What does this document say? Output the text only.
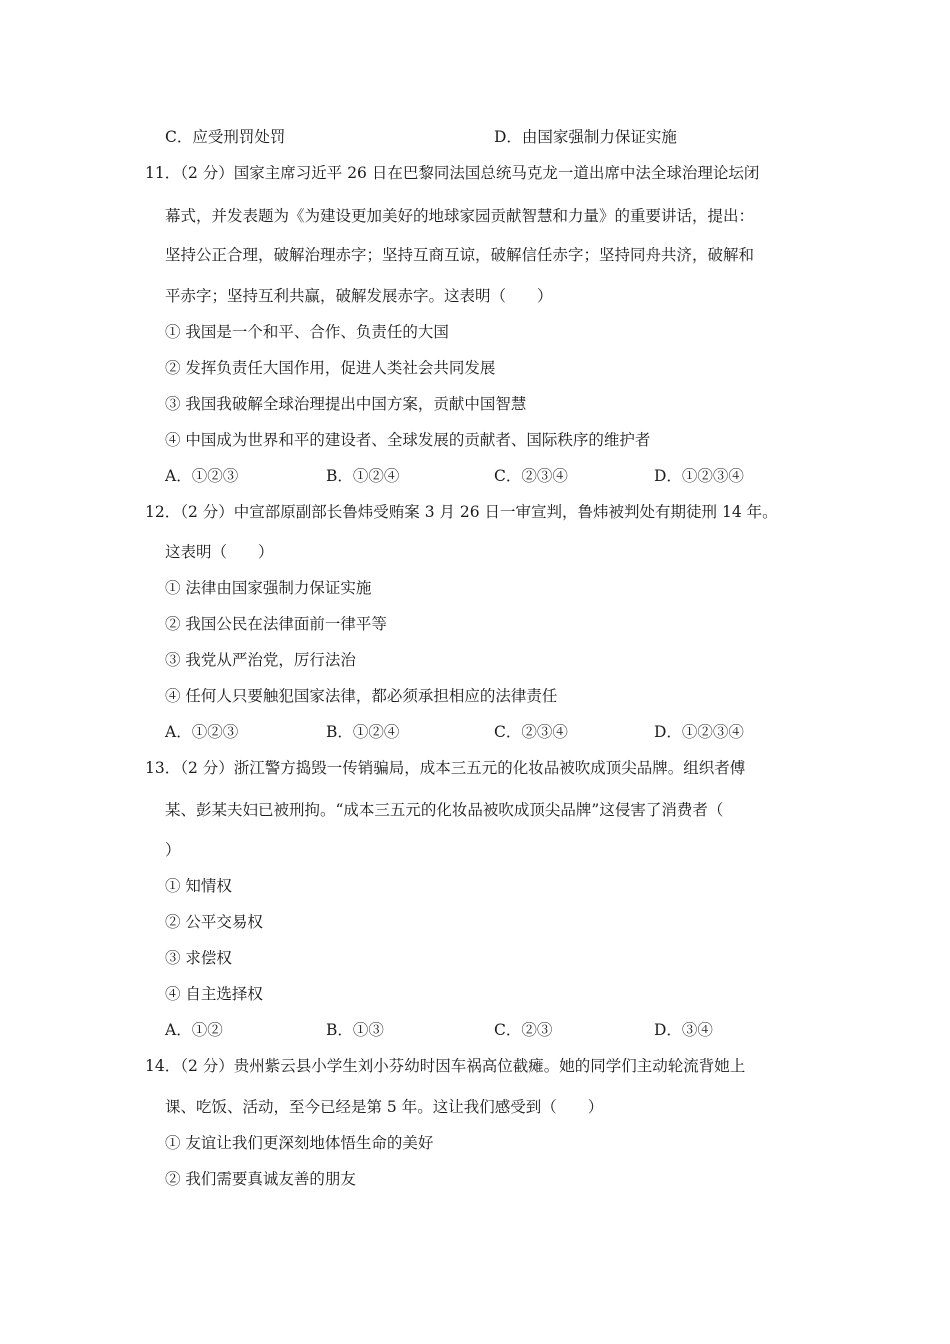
C．应受刑罚处罚	D．由国家强制力保证实施
11．（2 分）国家主席习近平 26 日在巴黎同法国总统马克龙一道出席中法全球治理论坛闭
幕式，并发表题为《为建设更加美好的地球家园贡献智慧和力量》的重要讲话，提出：
坚持公正合理，破解治理赤字；坚持互商互谅，破解信任赤字；坚持同舟共济，破解和
平赤字；坚持互利共赢，破解发展赤字。这表明（　　）
① 我国是一个和平、合作、负责任的大国
② 发挥负责任大国作用，促进人类社会共同发展
③ 我国我破解全球治理提出中国方案，贡献中国智慧
④ 中国成为世界和平的建设者、全球发展的贡献者、国际秩序的维护者
A．①②③	B．①②④	C．②③④	D．①②③④
12．（2 分）中宣部原副部长鲁炜受贿案 3 月 26 日一审宣判，鲁炜被判处有期徒刑 14 年。
这表明（　　）
① 法律由国家强制力保证实施
② 我国公民在法律面前一律平等
③ 我党从严治党，厉行法治
④ 任何人只要触犯国家法律，都必须承担相应的法律责任
A．①②③	B．①②④	C．②③④	D．①②③④
13．（2 分）浙江警方捣毁一传销骗局，成本三五元的化妆品被吹成顶尖品牌。组织者傅
某、彭某夫妇已被刑拘。“成本三五元的化妆品被吹成顶尖品牌”这侵害了消费者（
）
① 知情权
② 公平交易权
③ 求偿权
④ 自主选择权
A．①②	B．①③	C．②③	D．③④
14．（2 分）贵州紫云县小学生刘小芬幼时因车祸高位截瘫。她的同学们主动轮流背她上
课、吃饭、活动，至今已经是第 5 年。这让我们感受到（　　）
① 友谊让我们更深刻地体悟生命的美好
② 我们需要真诚友善的朋友
